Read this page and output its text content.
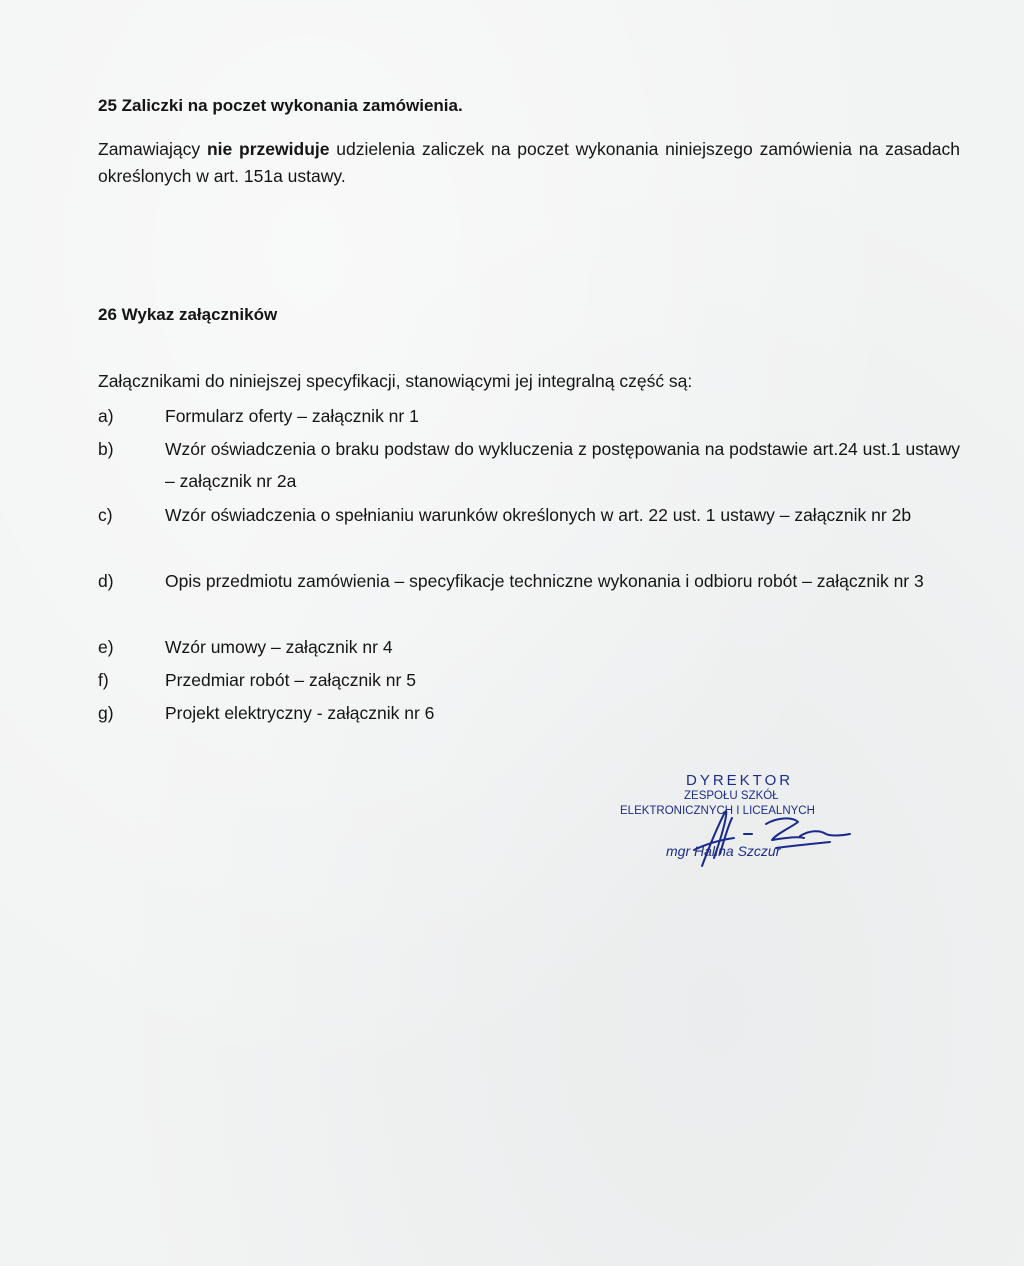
25 Zaliczki na poczet wykonania zamówienia.

Zamawiający nie przewiduje udzielenia zaliczek na poczet wykonania niniejszego zamówienia na zasadach określonych w art. 151a ustawy.

26 Wykaz załączników

Załącznikami do niniejszej specyfikacji, stanowiącymi jej integralną część są:

a)	Formularz oferty – załącznik nr 1
b)	Wzór oświadczenia o braku podstaw do wykluczenia z postępowania na podstawie art.24 ust.1 ustawy – załącznik nr 2a
c)	Wzór oświadczenia o spełnianiu warunków określonych w art. 22 ust. 1 ustawy – załącznik nr 2b
d)	Opis przedmiotu zamówienia – specyfikacje techniczne wykonania i odbioru robót – załącznik nr 3
e)	Wzór umowy – załącznik nr 4
f)	Przedmiar robót – załącznik nr 5
g)	Projekt elektryczny - załącznik nr 6
DYREKTOR
ZESPOŁU SZKÓŁ
ELEKTRONICZNYCH I LICEALNYCH
mgr Halina Szczur
